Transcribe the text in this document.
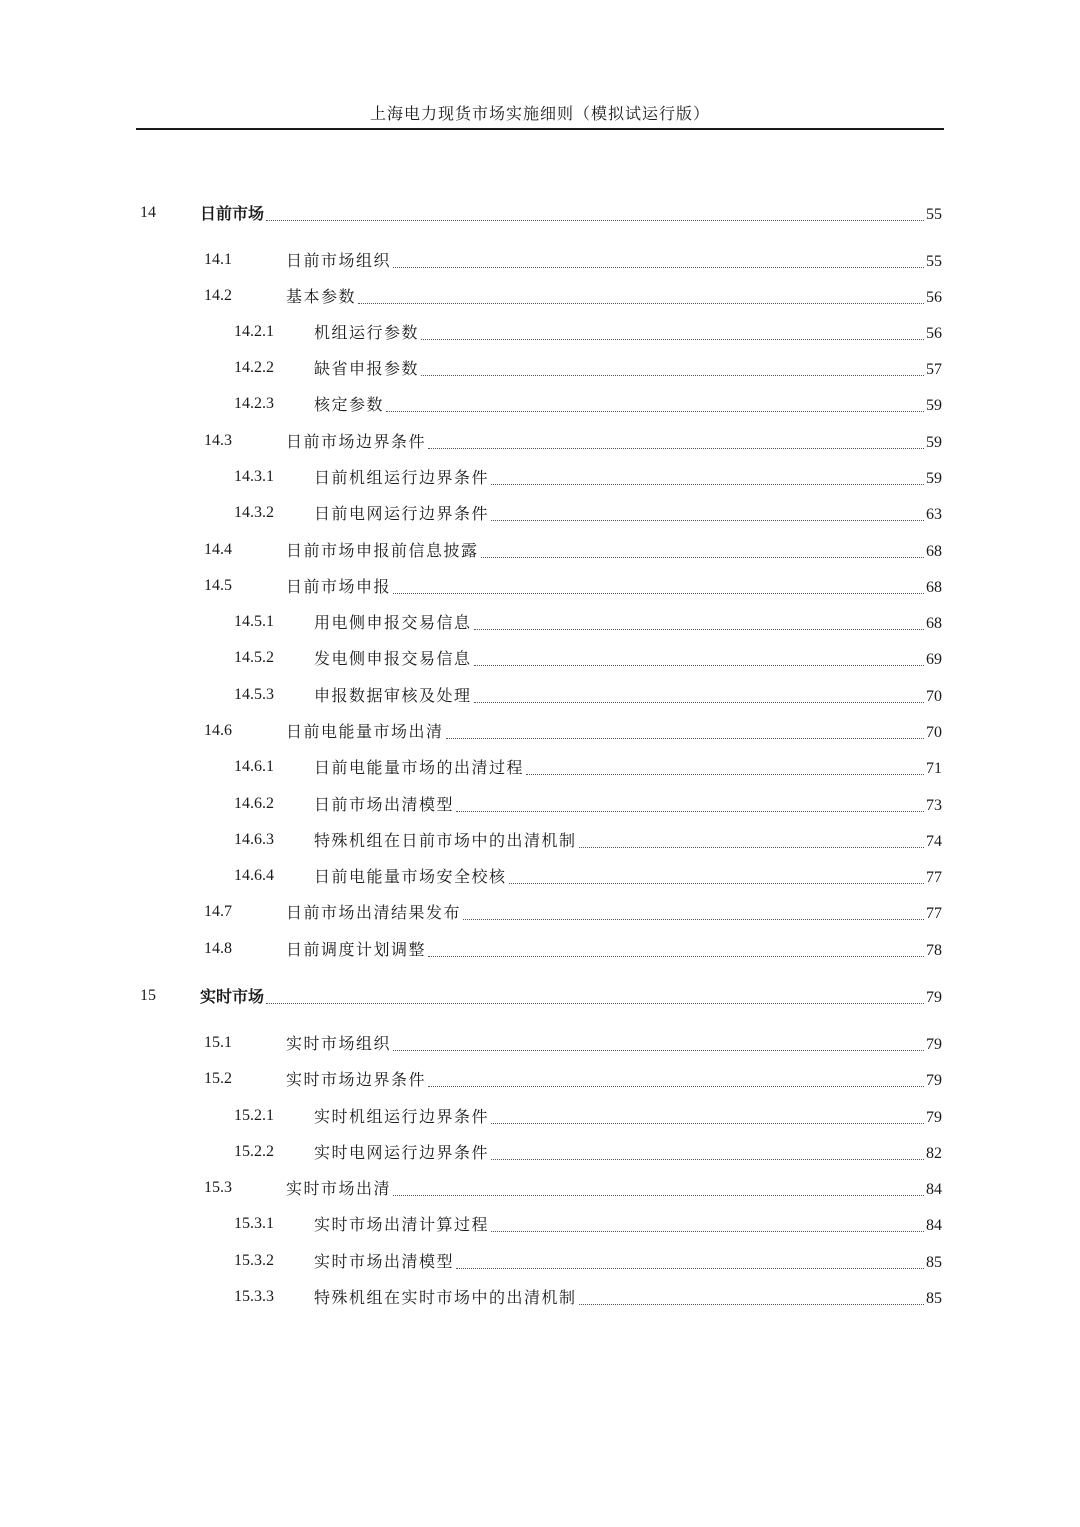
上海电力现货市场实施细则（模拟试运行版）
14	日前市场	55
14.1	日前市场组织	55
14.2	基本参数	56
14.2.1	机组运行参数	56
14.2.2	缺省申报参数	57
14.2.3	核定参数	59
14.3	日前市场边界条件	59
14.3.1	日前机组运行边界条件	59
14.3.2	日前电网运行边界条件	63
14.4	日前市场申报前信息披露	68
14.5	日前市场申报	68
14.5.1	用电侧申报交易信息	68
14.5.2	发电侧申报交易信息	69
14.5.3	申报数据审核及处理	70
14.6	日前电能量市场出清	70
14.6.1	日前电能量市场的出清过程	71
14.6.2	日前市场出清模型	73
14.6.3	特殊机组在日前市场中的出清机制	74
14.6.4	日前电能量市场安全校核	77
14.7	日前市场出清结果发布	77
14.8	日前调度计划调整	78
15	实时市场	79
15.1	实时市场组织	79
15.2	实时市场边界条件	79
15.2.1	实时机组运行边界条件	79
15.2.2	实时电网运行边界条件	82
15.3	实时市场出清	84
15.3.1	实时市场出清计算过程	84
15.3.2	实时市场出清模型	85
15.3.3	特殊机组在实时市场中的出清机制	85
